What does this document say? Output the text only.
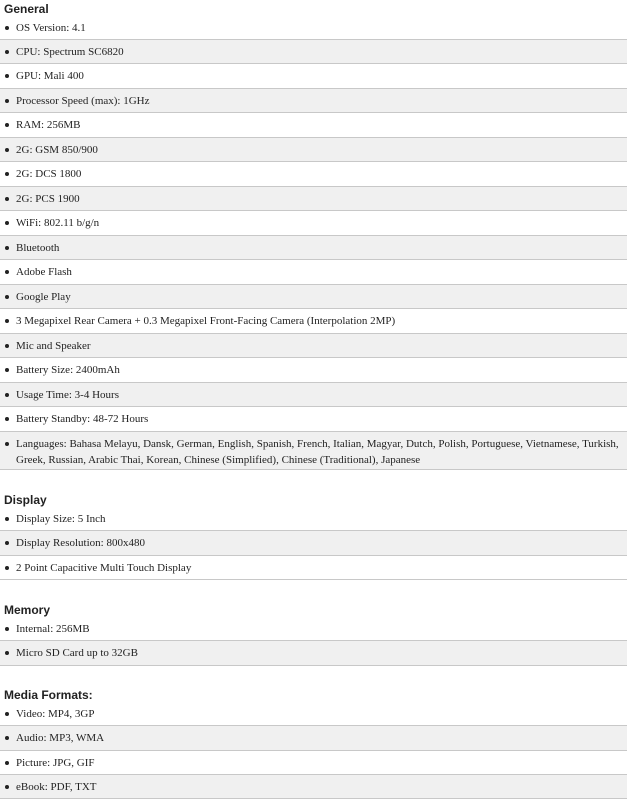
General
OS Version: 4.1
CPU: Spectrum SC6820
GPU: Mali 400
Processor Speed (max): 1GHz
RAM: 256MB
2G: GSM 850/900
2G: DCS 1800
2G: PCS 1900
WiFi: 802.11 b/g/n
Bluetooth
Adobe Flash
Google Play
3 Megapixel Rear Camera + 0.3 Megapixel Front-Facing Camera (Interpolation 2MP)
Mic and Speaker
Battery Size: 2400mAh
Usage Time: 3-4 Hours
Battery Standby: 48-72 Hours
Languages: Bahasa Melayu, Dansk, German, English, Spanish, French, Italian, Magyar, Dutch, Polish, Portuguese, Vietnamese, Turkish, Greek, Russian, Arabic Thai, Korean, Chinese (Simplified), Chinese (Traditional), Japanese
Display
Display Size: 5 Inch
Display Resolution: 800x480
2 Point Capacitive Multi Touch Display
Memory
Internal: 256MB
Micro SD Card up to 32GB
Media Formats:
Video: MP4, 3GP
Audio: MP3, WMA
Picture: JPG, GIF
eBook: PDF, TXT
